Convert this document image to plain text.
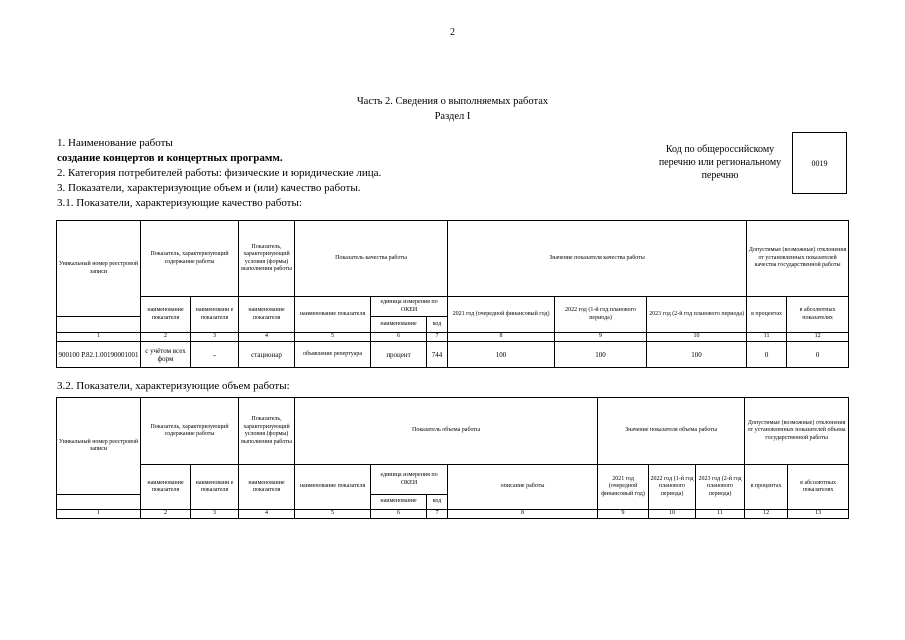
2
Часть 2. Сведения о выполняемых работах
Раздел I
1. Наименование работы
создание концертов и концертных программ.
2. Категория потребителей работы: физические и юридические лица.
3. Показатели, характеризующие объем и (или) качество работы.
3.1. Показатели, характеризующие качество работы:
Код по общероссийскому перечню или региональному перечню
0019
Уникальный номер реестровой записи	Показатель, характеризующий содержание работы		Показатель, характеризующий условия (формы) выполнения работы	Показатель качества работы			Значение показателя качества работы			Допустимые (возможные) отклонения от установленных показателей качества государственной работы	
	наименование показателя	наименовани е показателя	наименование показателя	наименование показателя	единица измерения по ОКЕИ		2021 год (очередной финансовый год)	2022 год (1-й год планового периода)	2023 год (2-й год планового периода)	в процентах	в абсолютных показателях
					наименование	код					
1	2	3	4	5	6	7	8	9	10	11	12
900100 Р.82.1.00190001001	с учётом всех форм	-	стационар	объявление репертуара	процент	744	100	100	100	0	0
3.2. Показатели, характеризующие объем работы:
Уникальный номер реестровой записи	Показатель, характеризующий содержание работы		Показатель, характеризующий условия (формы) выполнения работы	Показатель объема работы				Значение показателя объема работы			Допустимые (возможные) отклонения от установленных показателей объема государственной работы	
	наименование показателя	наименовани е показателя	наименование показателя	наименование показателя	единица измерения по ОКЕИ		описание работы	2021 год (очередной финансовый год)	2022 год (1-й год планового периода)	2023 год (2-й год планового периода)	в процентах	в абсолютных показателях
					наименование	код						
1	2	3	4	5	6	7	8	9	10	11	12	13
